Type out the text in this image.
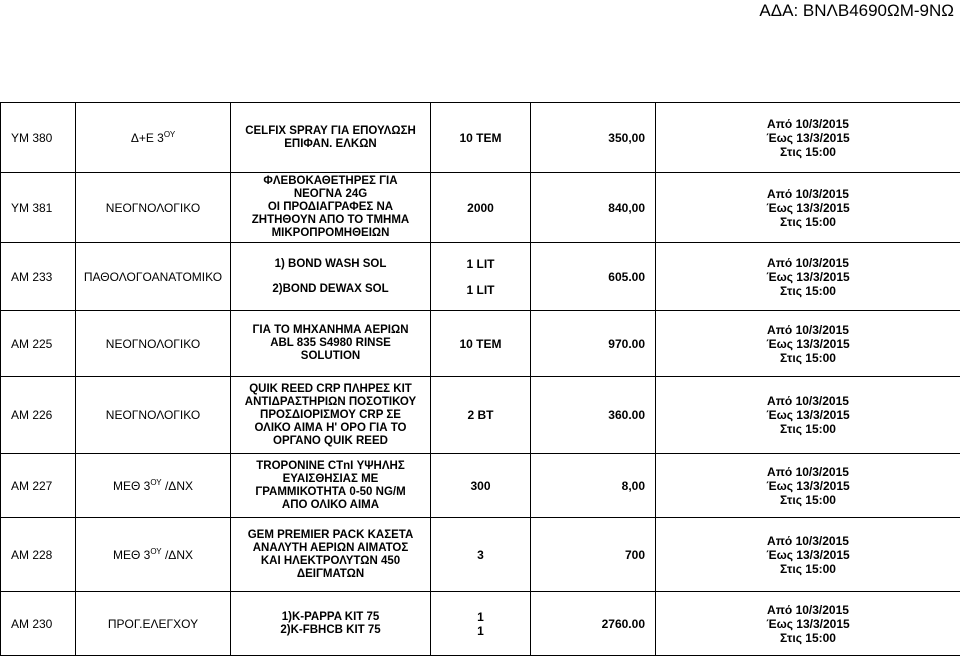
ΑΔΑ: ΒΝΛΒ4690ΩΜ-9ΝΩ
ΥΜ 380	Δ+Ε $3^{O\Upsilon}$	CELFIX SPRAY ΓΙΑ ΕΠΟΥΛΩΣΗ
ΕΠΙΦΑΝ. ΕΛΚΩΝ	10 ΤΕΜ	350,00	Από 10/3/2015
Έως 13/3/2015
Στις 15:00

ΥΜ 381	ΝΕΟΓΝΟΛΟΓΙΚΟ	ΦΛΕΒΟΚΑΘΕΤΗΡΕΣ ΓΙΑ
ΝΕΟΓΝΑ 24G
ΟΙ ΠΡΟΔΙΑΓΡΑΦΕΣ ΝΑ
ΖΗΤΗΘΟΥΝ ΑΠΟ ΤΟ ΤΜΗΜΑ
ΜΙΚΡΟΠΡΟΜΗΘΕΙΩΝ	2000	840,00	Από 10/3/2015
Έως 13/3/2015
Στις 15:00

ΑΜ 233	ΠΑΘΟΛΟΓΟΑΝΑΤΟΜΙΚΟ	1) BOND WASH SOL
2)BOND DEWAX SOL	1 LIT
1 LIT	605.00	Από 10/3/2015
Έως 13/3/2015
Στις 15:00

ΑΜ 225	ΝΕΟΓΝΟΛΟΓΙΚΟ	ΓΙΑ ΤΟ ΜΗΧΑΝΗΜΑ ΑΕΡΙΩΝ
ABL 835 S4980 RINSE
SOLUTION	10 ΤΕΜ	970.00	Από 10/3/2015
Έως 13/3/2015
Στις 15:00

ΑΜ 226	ΝΕΟΓΝΟΛΟΓΙΚΟ	QUIK REED CRP ΠΛΗΡΕΣ ΚΙΤ
ΑΝΤΙΔΡΑΣΤΗΡΙΩΝ ΠΟΣΟΤΙΚΟΥ
ΠΡΟΣΔΙΟΡΙΣΜΟΥ CRP ΣΕ
ΟΛΙΚΟ ΑΙΜΑ Η' ΟΡΟ ΓΙΑ ΤΟ
ΟΡΓΑΝΟ QUIK REED	2 ΒΤ	360.00	Από 10/3/2015
Έως 13/3/2015
Στις 15:00

ΑΜ 227	ΜΕΘ $3^{O\Upsilon}$ /ΔΝΧ	TROPONINE CTnI ΥΨΗΛΗΣ
ΕΥΑΙΣΘΗΣΙΑΣ ΜΕ
ΓΡΑΜΜΙΚΟΤΗΤΑ 0-50 NG/M
ΑΠΟ ΟΛΙΚΟ ΑΙΜΑ	300	8,00	Από 10/3/2015
Έως 13/3/2015
Στις 15:00

ΑΜ 228	ΜΕΘ $3^{O\Upsilon}$ /ΔΝΧ	GEM PREMIER PACK ΚΑΣΕΤΑ
ΑΝΑΛΥΤΗ ΑΕΡΙΩΝ ΑΙΜΑΤΟΣ
ΚΑΙ ΗΛΕΚΤΡΟΛΥΤΩΝ 450
ΔΕΙΓΜΑΤΩΝ	3	700	Από 10/3/2015
Έως 13/3/2015
Στις 15:00

ΑΜ 230	ΠΡΟΓ.ΕΛΕΓΧΟΥ	1)K-PAPPA KIT 75
2)K-FBHCB KIT 75	1
1	2760.00	Από 10/3/2015
Έως 13/3/2015
Στις 15:00
